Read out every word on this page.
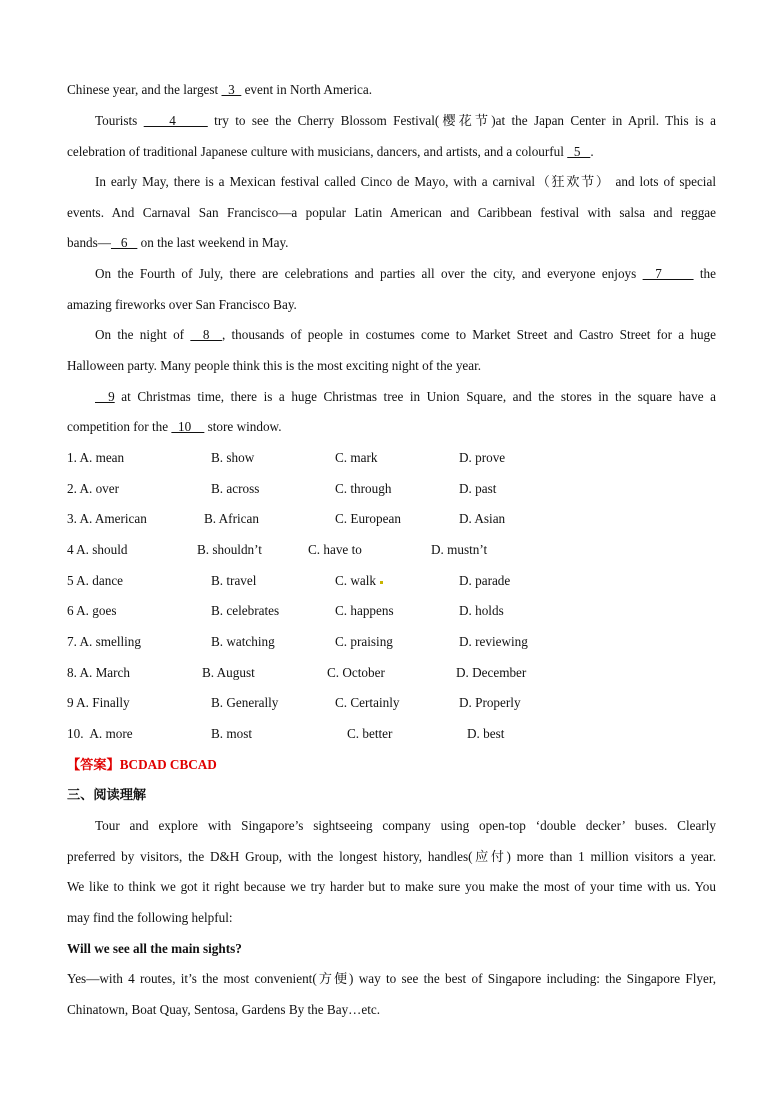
Chinese year, and the largest   3   event in North America.
Tourists     4      try to see the Cherry Blossom Festival(樱花节)at the Japan Center in April. This is a
celebration of traditional Japanese culture with musicians, dancers, and artists, and a colourful   5   .
In early May, there is a Mexican festival called Cinco de Mayo, with a carnival（狂欢节） and lots of special
events. And Carnaval San Francisco—a popular Latin American and Caribbean festival with salsa and reggae
bands—   6    on the last weekend in May.
On the Fourth of July, there are celebrations and parties all over the city, and everyone enjoys   7      the
amazing fireworks over San Francisco Bay.
On the night of   8  , thousands of people in costumes come to Market Street and Castro Street for a huge
Halloween party. Many people think this is the most exciting night of the year.
9 at Christmas time, there is a huge Christmas tree in Union Square, and the stores in the square have a
competition for the   10     store window.
1. A. mean	B. show	C. mark	D. prove
2. A. over	B. across	C. through	D. past
3. A. American	B. African	C. European	D. Asian
4 A. should	B. shouldn’t	C. have to	D. mustn’t
5 A. dance	B. travel	C. walk	D. parade
6 A. goes	B. celebrates	C. happens	D. holds
7. A. smelling	B. watching	C. praising	D. reviewing
8. A. March	B. August	C. October	D. December
9 A. Finally	B. Generally	C. Certainly	D. Properly
10.  A. more	B. most	C. better	D. best
【答案】BCDAD CBCAD
三、阅读理解
Tour and explore with Singapore’s sightseeing company using open-top ‘double decker’ buses. Clearly
preferred by visitors, the D&H Group, with the longest history, handles(应付) more than 1 million visitors a year.
We like to think we got it right because we try harder but to make sure you make the most of your time with us. You
may find the following helpful:
Will we see all the main sights?
Yes—with 4 routes, it’s the most convenient(方便) way to see the best of Singapore including: the Singapore Flyer,
Chinatown, Boat Quay, Sentosa, Gardens By the Bay…etc.
